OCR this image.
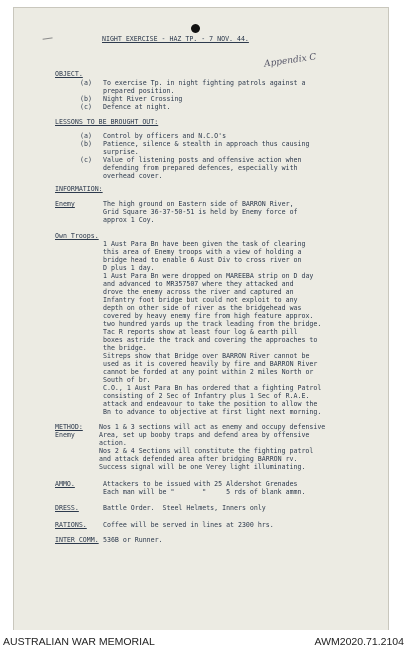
NIGHT EXERCISE - HAZ TP. - 7 NOV. 44.
Appendix C
OBJECT.
(a) To exercise Tp. in night fighting patrols against a
prepared position.
(b) Night River Crossing
(c) Defence at night.
LESSONS TO BE BROUGHT OUT:
(a) Control by officers and N.C.O's
(b) Patience, silence & stealth in approach thus causing
surprise.
(c) Value of listening posts and offensive action when
defending from prepared defences, especially with
overhead cover.
INFORMATION:
Enemy	The high ground on Eastern side of BARRON River,
Grid Square 36-37-50-51 is held by Enemy force of
approx 1 Coy.
Own Troops.
1 Aust Para Bn have been given the task of clearing
this area of Enemy troops with a view of holding a
bridge head to enable 6 Aust Div to cross river on
D plus 1 day.
1 Aust Para Bn were dropped on MAREEBA strip on D day
and advanced to MR357507 where they attacked and
drove the enemy across the river and captured an
Infantry foot bridge but could not exploit to any
depth on other side of river as the bridgehead was
covered by heavy enemy fire from high feature approx.
two hundred yards up the track leading from the bridge.
Tac R reports show at least four log & earth pill
boxes astride the track and covering the approaches to
the bridge.
Sitreps show that Bridge over BARRON River cannot be
used as it is covered heavily by fire and BARRON River
cannot be forded at any point within 2 miles North or
South of br.
C.O., 1 Aust Para Bn has ordered that a fighting Patrol
consisting of 2 Sec of Infantry plus 1 Sec of R.A.E.
attack and endeavour to take the position to allow the
Bn to advance to objective at first light next morning.
METHOD:
Enemy
Nos 1 & 3 sections will act as enemy and occupy defensive
Area, set up booby traps and defend area by offensive
action.
Nos 2 & 4 Sections will constitute the fighting patrol
and attack defended area after bridging BARRON rv.
Success signal will be one Verey light illuminating.
AMMO.	Attackers to be issued with 25 Aldershot Grenades
Each man will be "       "     5 rds of blank ammn.
DRESS.	Battle Order.  Steel Helmets, Inners only
RATIONS. Coffee will be served in lines at 2300 hrs.
INTER COMM. 536B or Runner.
AUSTRALIAN WAR MEMORIAL	AWM2020.71.2104
